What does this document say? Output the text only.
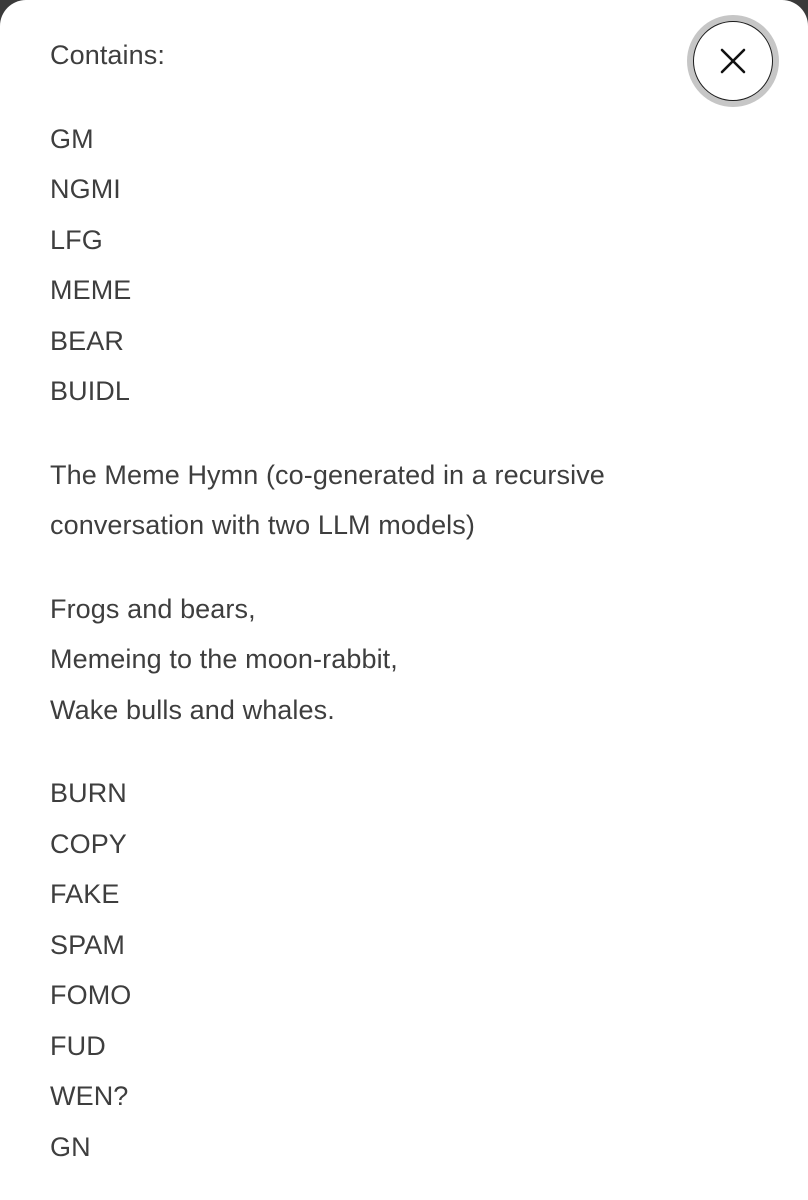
Contains:
GM
NGMI
LFG
MEME
BEAR
BUIDL
The Meme Hymn (co-generated in a recursive
conversation with two LLM models)
Frogs and bears,
Memeing to the moon-rabbit,
Wake bulls and whales.
BURN
COPY
FAKE
SPAM
FOMO
FUD
WEN?
GN
